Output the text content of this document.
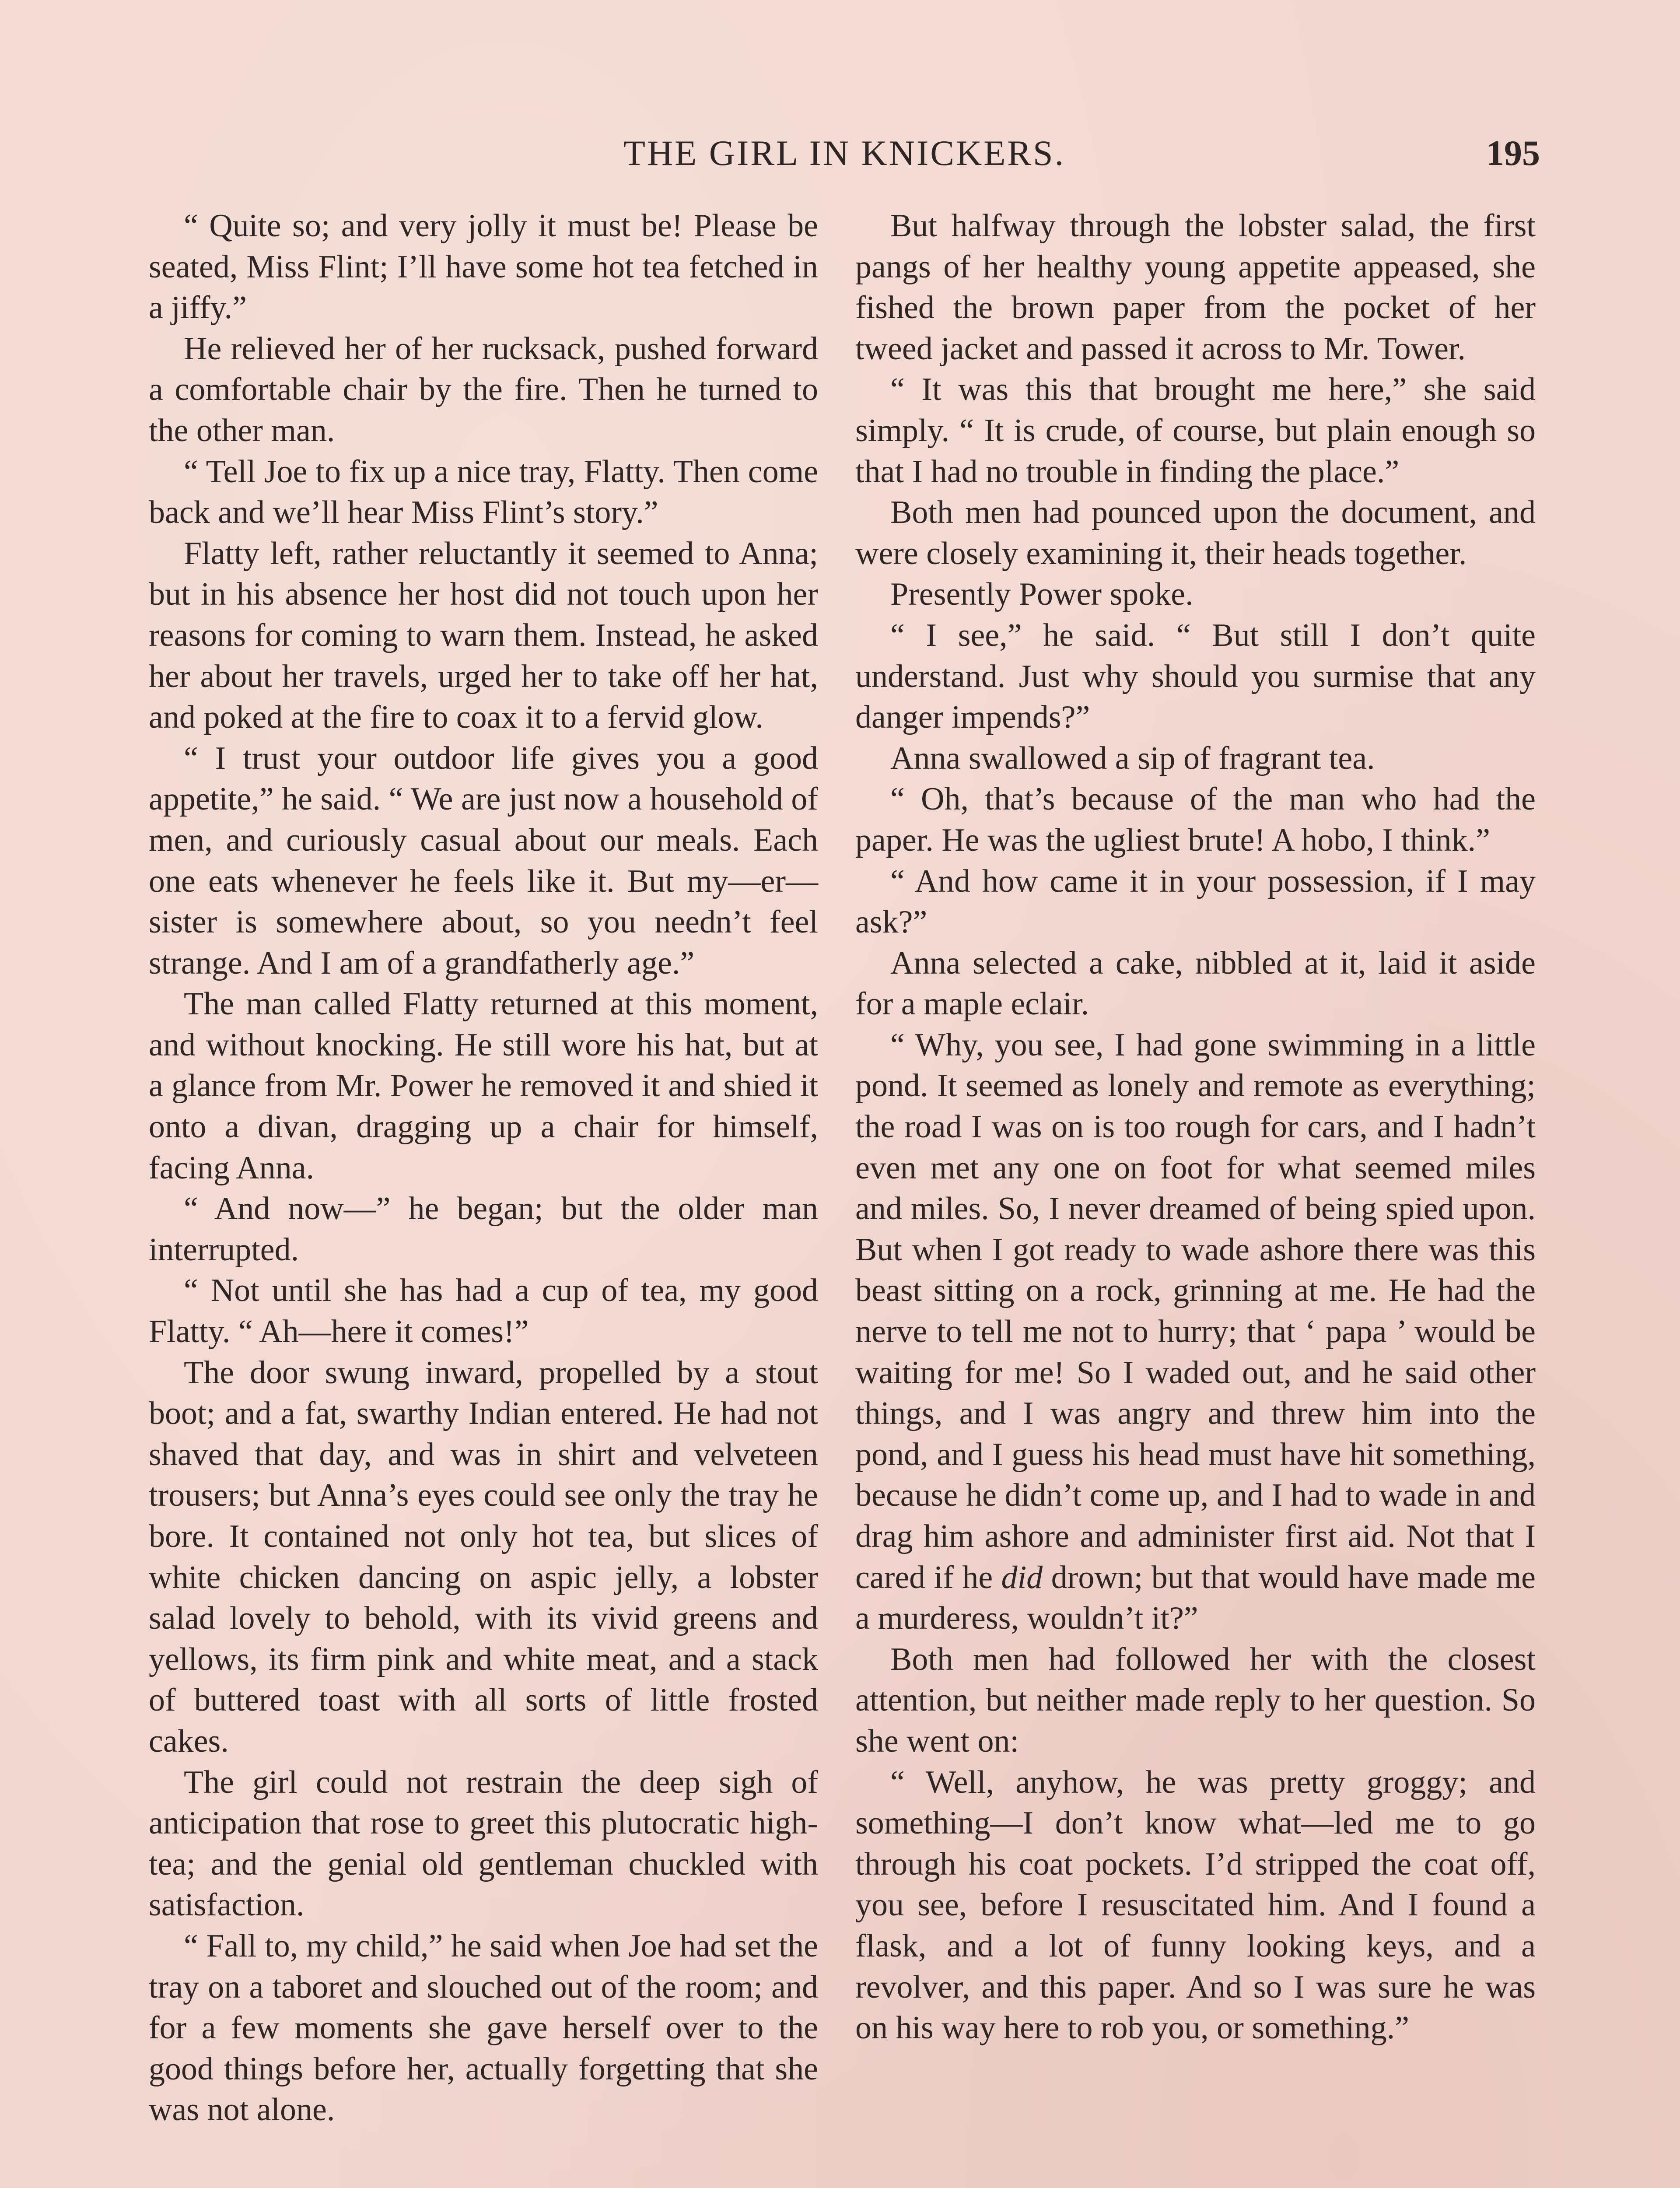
THE GIRL IN KNICKERS.	195

“ Quite so; and very jolly it must be! Please be seated, Miss Flint; I’ll have some hot tea fetched in a jiffy.”

He relieved her of her rucksack, pushed forward a comfortable chair by the fire. Then he turned to the other man.

“ Tell Joe to fix up a nice tray, Flatty. Then come back and we’ll hear Miss Flint’s story.”

Flatty left, rather reluctantly it seemed to Anna; but in his absence her host did not touch upon her reasons for coming to warn them. Instead, he asked her about her travels, urged her to take off her hat, and poked at the fire to coax it to a fervid glow.

“ I trust your outdoor life gives you a good appetite,” he said. “ We are just now a household of men, and curiously casual about our meals. Each one eats whenever he feels like it. But my—er—sister is somewhere about, so you needn’t feel strange. And I am of a grandfatherly age.”

The man called Flatty returned at this moment, and without knocking. He still wore his hat, but at a glance from Mr. Power he removed it and shied it onto a divan, dragging up a chair for himself, facing Anna.

“ And now—” he began; but the older man interrupted.

“ Not until she has had a cup of tea, my good Flatty. “ Ah—here it comes!”

The door swung inward, propelled by a stout boot; and a fat, swarthy Indian entered. He had not shaved that day, and was in shirt and velveteen trousers; but Anna’s eyes could see only the tray he bore. It contained not only hot tea, but slices of white chicken dancing on aspic jelly, a lobster salad lovely to behold, with its vivid greens and yellows, its firm pink and white meat, and a stack of buttered toast with all sorts of little frosted cakes.

The girl could not restrain the deep sigh of anticipation that rose to greet this plutocratic high-tea; and the genial old gentleman chuckled with satisfaction.

“ Fall to, my child,” he said when Joe had set the tray on a taboret and slouched out of the room; and for a few moments she gave herself over to the good things before her, actually forgetting that she was not alone.

But halfway through the lobster salad, the first pangs of her healthy young appetite appeased, she fished the brown paper from the pocket of her tweed jacket and passed it across to Mr. Tower.

“ It was this that brought me here,” she said simply. “ It is crude, of course, but plain enough so that I had no trouble in finding the place.”

Both men had pounced upon the document, and were closely examining it, their heads together.

Presently Power spoke.

“ I see,” he said. “ But still I don’t quite understand. Just why should you surmise that any danger impends?”

Anna swallowed a sip of fragrant tea.

“ Oh, that’s because of the man who had the paper. He was the ugliest brute! A hobo, I think.”

“ And how came it in your possession, if I may ask?”

Anna selected a cake, nibbled at it, laid it aside for a maple eclair.

“ Why, you see, I had gone swimming in a little pond. It seemed as lonely and remote as everything; the road I was on is too rough for cars, and I hadn’t even met any one on foot for what seemed miles and miles. So, I never dreamed of being spied upon. But when I got ready to wade ashore there was this beast sitting on a rock, grinning at me. He had the nerve to tell me not to hurry; that ‘ papa ’ would be waiting for me! So I waded out, and he said other things, and I was angry and threw him into the pond, and I guess his head must have hit something, because he didn’t come up, and I had to wade in and drag him ashore and administer first aid. Not that I cared if he did drown; but that would have made me a murderess, wouldn’t it?”

Both men had followed her with the closest attention, but neither made reply to her question. So she went on:

“ Well, anyhow, he was pretty groggy; and something—I don’t know what—led me to go through his coat pockets. I’d stripped the coat off, you see, before I resuscitated him. And I found a flask, and a lot of funny looking keys, and a revolver, and this paper. And so I was sure he was on his way here to rob you, or something.”
